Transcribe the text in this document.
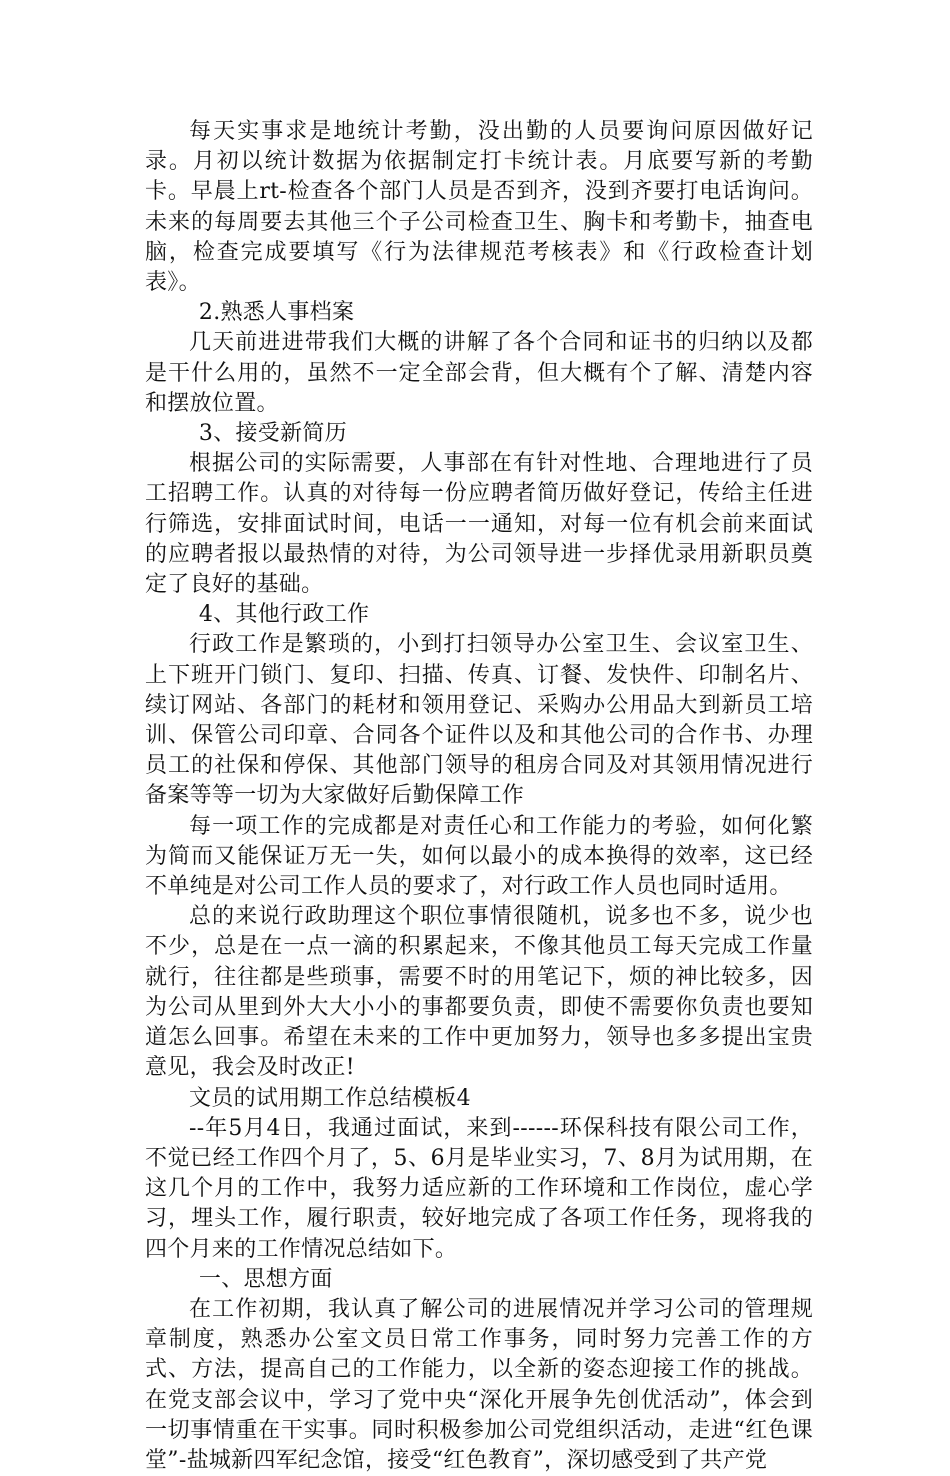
每天实事求是地统计考勤，没出勤的人员要询问原因做好记录。月初以统计数据为依据制定打卡统计表。月底要写新的考勤卡。早晨上rt-检查各个部门人员是否到齐，没到齐要打电话询问。未来的每周要去其他三个子公司检查卫生、胸卡和考勤卡，抽查电脑，检查完成要填写《行为法律规范考核表》和《行政检查计划表》。

2.熟悉人事档案

几天前进进带我们大概的讲解了各个合同和证书的归纳以及都是干什么用的，虽然不一定全部会背，但大概有个了解、清楚内容和摆放位置。

3、接受新简历

根据公司的实际需要，人事部在有针对性地、合理地进行了员工招聘工作。认真的对待每一份应聘者简历做好登记，传给主任进行筛选，安排面试时间，电话一一通知，对每一位有机会前来面试的应聘者报以最热情的对待，为公司领导进一步择优录用新职员奠定了良好的基础。

4、其他行政工作

行政工作是繁琐的，小到打扫领导办公室卫生、会议室卫生、上下班开门锁门、复印、扫描、传真、订餐、发快件、印制名片、续订网站、各部门的耗材和领用登记、采购办公用品大到新员工培训、保管公司印章、合同各个证件以及和其他公司的合作书、办理员工的社保和停保、其他部门领导的租房合同及对其领用情况进行备案等等一切为大家做好后勤保障工作

每一项工作的完成都是对责任心和工作能力的考验，如何化繁为简而又能保证万无一失，如何以最小的成本换得的效率，这已经不单纯是对公司工作人员的要求了，对行政工作人员也同时适用。

总的来说行政助理这个职位事情很随机，说多也不多，说少也不少，总是在一点一滴的积累起来，不像其他员工每天完成工作量就行，往往都是些琐事，需要不时的用笔记下，烦的神比较多，因为公司从里到外大大小小的事都要负责，即使不需要你负责也要知道怎么回事。希望在未来的工作中更加努力，领导也多多提出宝贵意见，我会及时改正!

文员的试用期工作总结模板4

--年5月4日，我通过面试，来到------环保科技有限公司工作，不觉已经工作四个月了，5、6月是毕业实习，7、8月为试用期，在这几个月的工作中，我努力适应新的工作环境和工作岗位，虚心学习，埋头工作，履行职责，较好地完成了各项工作任务，现将我的四个月来的工作情况总结如下。

一、思想方面

在工作初期，我认真了解公司的进展情况并学习公司的管理规章制度，熟悉办公室文员日常工作事务，同时努力完善工作的方式、方法，提高自己的工作能力，以全新的姿态迎接工作的挑战。在党支部会议中，学习了党中央“深化开展争先创优活动”，体会到一切事情重在干实事。同时积极参加公司党组织活动，走进“红色课堂”-盐城新四军纪念馆，接受“红色教育”，深切感受到了共产党
